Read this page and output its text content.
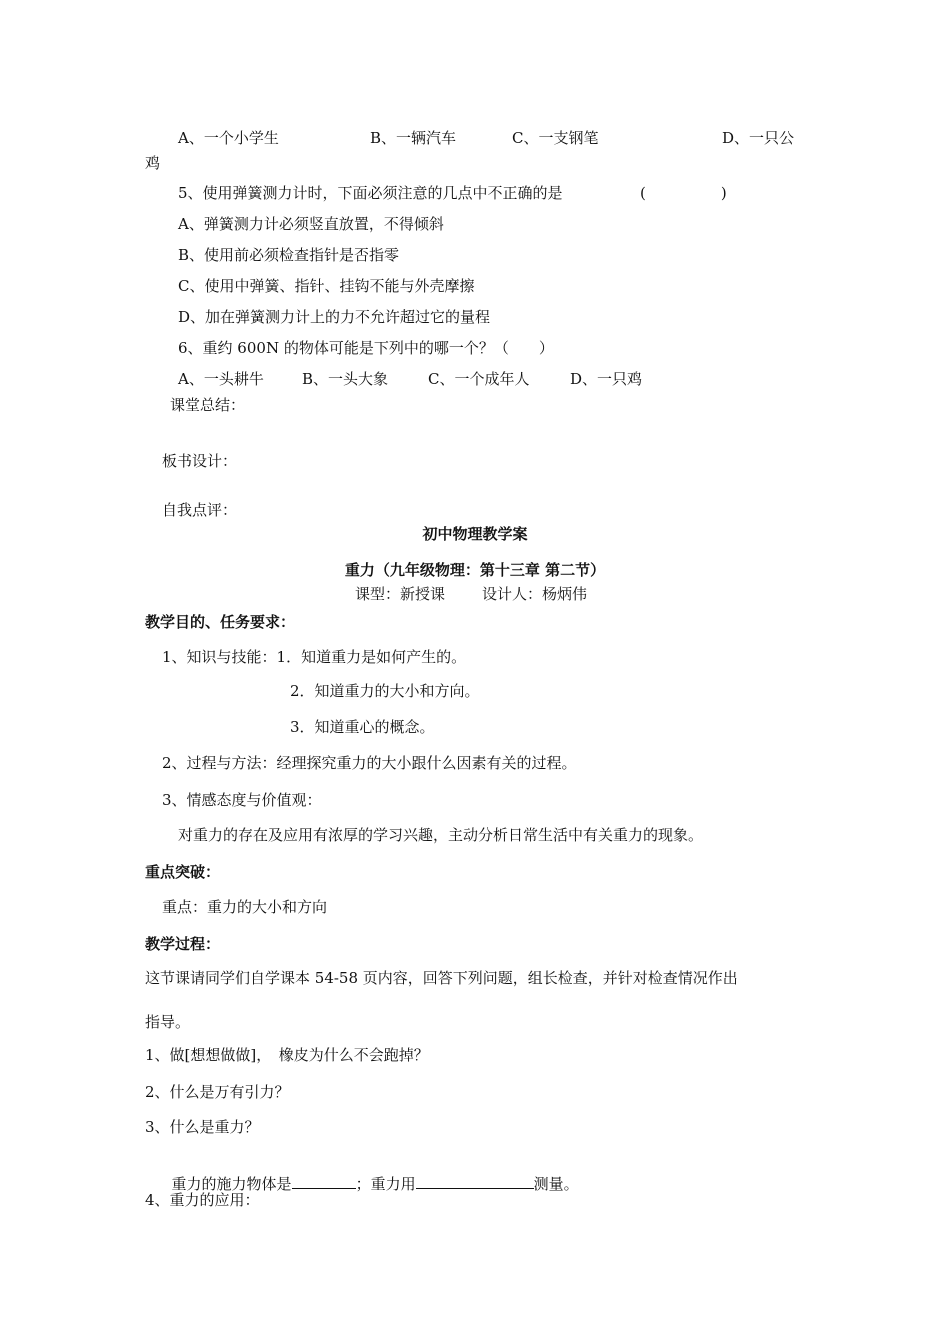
A、一个小学生	B、一辆汽车	C、一支钢笔	D、一只公
鸡
5、使用弹簧测力计时，下面必须注意的几点中不正确的是	(　　　　　)
A、弹簧测力计必须竖直放置，不得倾斜
B、使用前必须检查指针是否指零
C、使用中弹簧、指针、挂钩不能与外壳摩擦
D、加在弹簧测力计上的力不允许超过它的量程
6、重约 600N 的物体可能是下列中的哪一个？（　　）
A、一头耕牛	B、一头大象	C、一个成年人	D、一只鸡
课堂总结：
板书设计：
自我点评：
初中物理教学案
重力（九年级物理：第十三章 第二节）
课型：新授课 设计人：杨炳伟
教学目的、任务要求：
1、知识与技能：1．知道重力是如何产生的。
2．知道重力的大小和方向。
3．知道重心的概念。
2、过程与方法：经理探究重力的大小跟什么因素有关的过程。
3、情感态度与价值观：
对重力的存在及应用有浓厚的学习兴趣，主动分析日常生活中有关重力的现象。
重点突破：
重点：重力的大小和方向
教学过程：
这节课请同学们自学课本 54-58 页内容，回答下列问题，组长检查，并针对检查情况作出
指导。
1、做[想想做做]，　橡皮为什么不会跑掉？
2、什么是万有引力？
3、什么是重力？

重力的施力物体是	；重力用	测量。

4、重力的应用：
